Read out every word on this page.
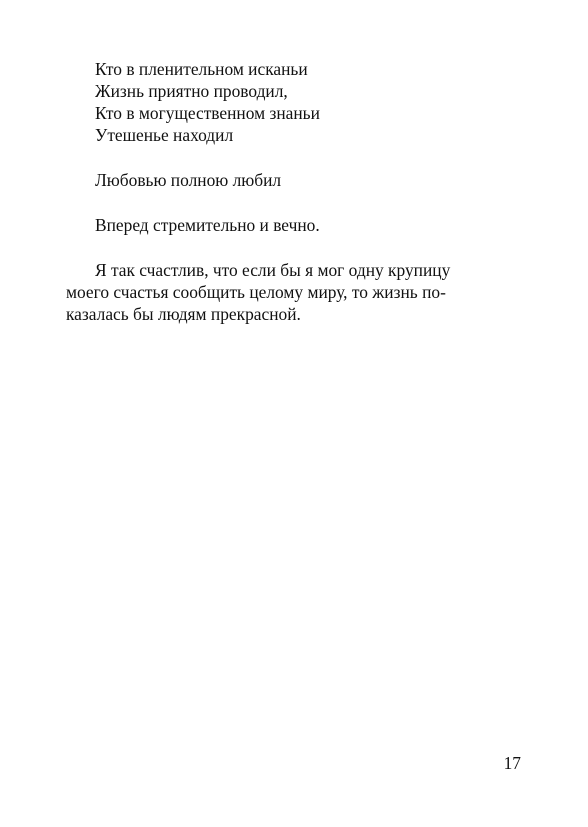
Кто в пленительном исканьи
Жизнь приятно проводил,
Кто в могущественном знаньи
Утешенье находил
Любовью полною любил
Вперед стремительно и вечно.

Я так счастлив, что если бы я мог одну крупицу
моего счастья сообщить целому миру, то жизнь по-
казалась бы людям прекрасной.

17
